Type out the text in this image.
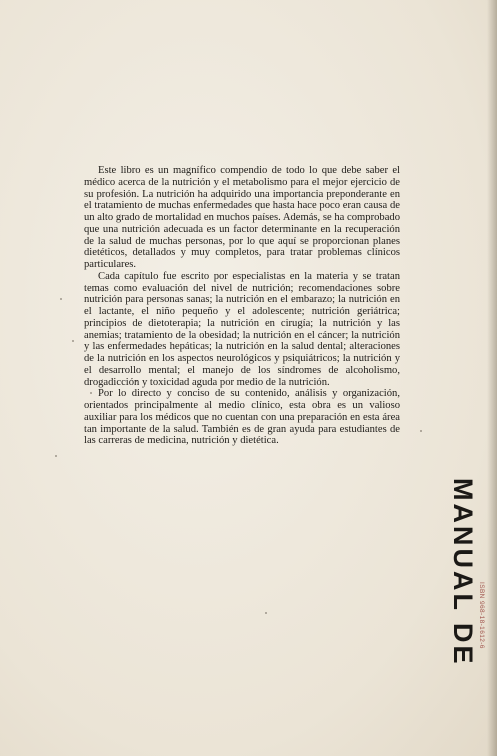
Este libro es un magnífico compendio de todo lo que debe saber el médico acerca de la nutrición y el metabolismo para el mejor ejercicio de su profesión. La nutrición ha adquirido una importancia preponderante en el tratamiento de muchas enfermedades que hasta hace poco eran causa de un alto grado de mortalidad en muchos países. Además, se ha comprobado que una nutrición adecuada es un factor determinante en la recuperación de la salud de muchas personas, por lo que aquí se proporcionan planes dietéticos, detallados y muy completos, para tratar problemas clínicos particulares.

Cada capítulo fue escrito por especialistas en la materia y se tratan temas como evaluación del nivel de nutrición; recomendaciones sobre nutrición para personas sanas; la nutrición en el embarazo; la nutrición en el lactante, el niño pequeño y el adolescente; nutrición geriátrica; principios de dietoterapia; la nutrición en cirugía; la nutrición y las anemias; tratamiento de la obesidad; la nutrición en el cáncer; la nutrición y las enfermedades hepáticas; la nutrición en la salud dental; alteraciones de la nutrición en los aspectos neurológicos y psiquiátricos; la nutrición y el desarrollo mental; el manejo de los síndromes de alcoholismo, drogadicción y toxicidad aguda por medio de la nutrición.

Por lo directo y conciso de su contenido, análisis y organización, orientados principalmente al medio clínico, esta obra es un valioso auxiliar para los médicos que no cuentan con una preparación en esta área tan importante de la salud. También es de gran ayuda para estudiantes de las carreras de medicina, nutrición y dietética.

MANUAL DE ISBN 968-18-1612-6
